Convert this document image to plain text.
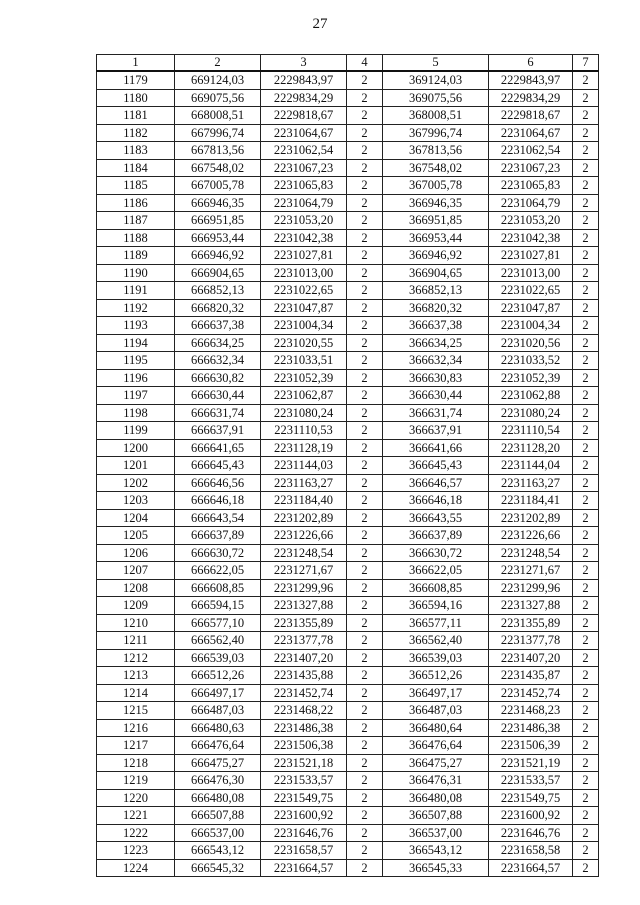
27
1	2	3	4	5	6	7
1179	669124,03	2229843,97	2	369124,03	2229843,97	2
1180	669075,56	2229834,29	2	369075,56	2229834,29	2
1181	668008,51	2229818,67	2	368008,51	2229818,67	2
1182	667996,74	2231064,67	2	367996,74	2231064,67	2
1183	667813,56	2231062,54	2	367813,56	2231062,54	2
1184	667548,02	2231067,23	2	367548,02	2231067,23	2
1185	667005,78	2231065,83	2	367005,78	2231065,83	2
1186	666946,35	2231064,79	2	366946,35	2231064,79	2
1187	666951,85	2231053,20	2	366951,85	2231053,20	2
1188	666953,44	2231042,38	2	366953,44	2231042,38	2
1189	666946,92	2231027,81	2	366946,92	2231027,81	2
1190	666904,65	2231013,00	2	366904,65	2231013,00	2
1191	666852,13	2231022,65	2	366852,13	2231022,65	2
1192	666820,32	2231047,87	2	366820,32	2231047,87	2
1193	666637,38	2231004,34	2	366637,38	2231004,34	2
1194	666634,25	2231020,55	2	366634,25	2231020,56	2
1195	666632,34	2231033,51	2	366632,34	2231033,52	2
1196	666630,82	2231052,39	2	366630,83	2231052,39	2
1197	666630,44	2231062,87	2	366630,44	2231062,88	2
1198	666631,74	2231080,24	2	366631,74	2231080,24	2
1199	666637,91	2231110,53	2	366637,91	2231110,54	2
1200	666641,65	2231128,19	2	366641,66	2231128,20	2
1201	666645,43	2231144,03	2	366645,43	2231144,04	2
1202	666646,56	2231163,27	2	366646,57	2231163,27	2
1203	666646,18	2231184,40	2	366646,18	2231184,41	2
1204	666643,54	2231202,89	2	366643,55	2231202,89	2
1205	666637,89	2231226,66	2	366637,89	2231226,66	2
1206	666630,72	2231248,54	2	366630,72	2231248,54	2
1207	666622,05	2231271,67	2	366622,05	2231271,67	2
1208	666608,85	2231299,96	2	366608,85	2231299,96	2
1209	666594,15	2231327,88	2	366594,16	2231327,88	2
1210	666577,10	2231355,89	2	366577,11	2231355,89	2
1211	666562,40	2231377,78	2	366562,40	2231377,78	2
1212	666539,03	2231407,20	2	366539,03	2231407,20	2
1213	666512,26	2231435,88	2	366512,26	2231435,87	2
1214	666497,17	2231452,74	2	366497,17	2231452,74	2
1215	666487,03	2231468,22	2	366487,03	2231468,23	2
1216	666480,63	2231486,38	2	366480,64	2231486,38	2
1217	666476,64	2231506,38	2	366476,64	2231506,39	2
1218	666475,27	2231521,18	2	366475,27	2231521,19	2
1219	666476,30	2231533,57	2	366476,31	2231533,57	2
1220	666480,08	2231549,75	2	366480,08	2231549,75	2
1221	666507,88	2231600,92	2	366507,88	2231600,92	2
1222	666537,00	2231646,76	2	366537,00	2231646,76	2
1223	666543,12	2231658,57	2	366543,12	2231658,58	2
1224	666545,32	2231664,57	2	366545,33	2231664,57	2
